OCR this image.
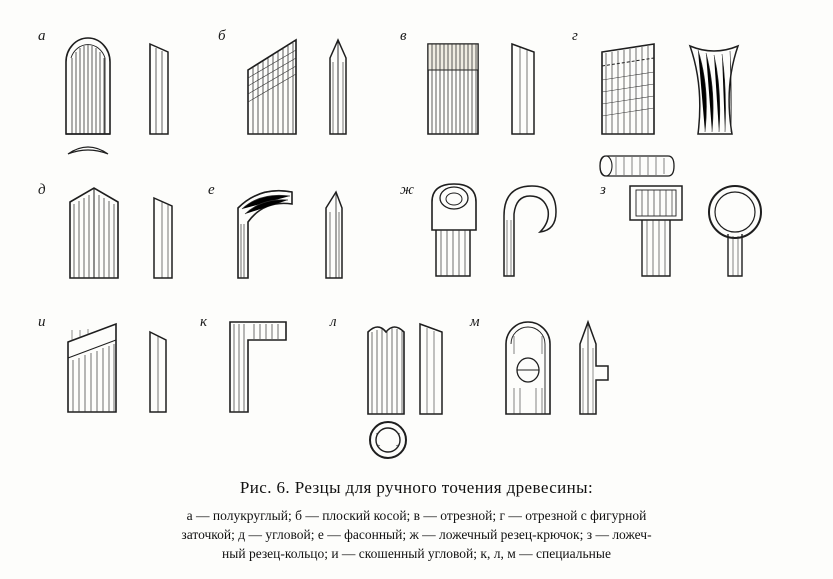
а	б	в	г
д	е	ж	з
и	к	л	м
Рис. 6. Резцы для ручного точения древесины:
а — полукруглый; б — плоский косой; в — отрезной; г — отрезной с фигурной
заточкой; д — угловой; е — фасонный; ж — ложечный резец-крючок; з — ложеч-
ный резец-кольцо; и — скошенный угловой; к, л, м — специальные
